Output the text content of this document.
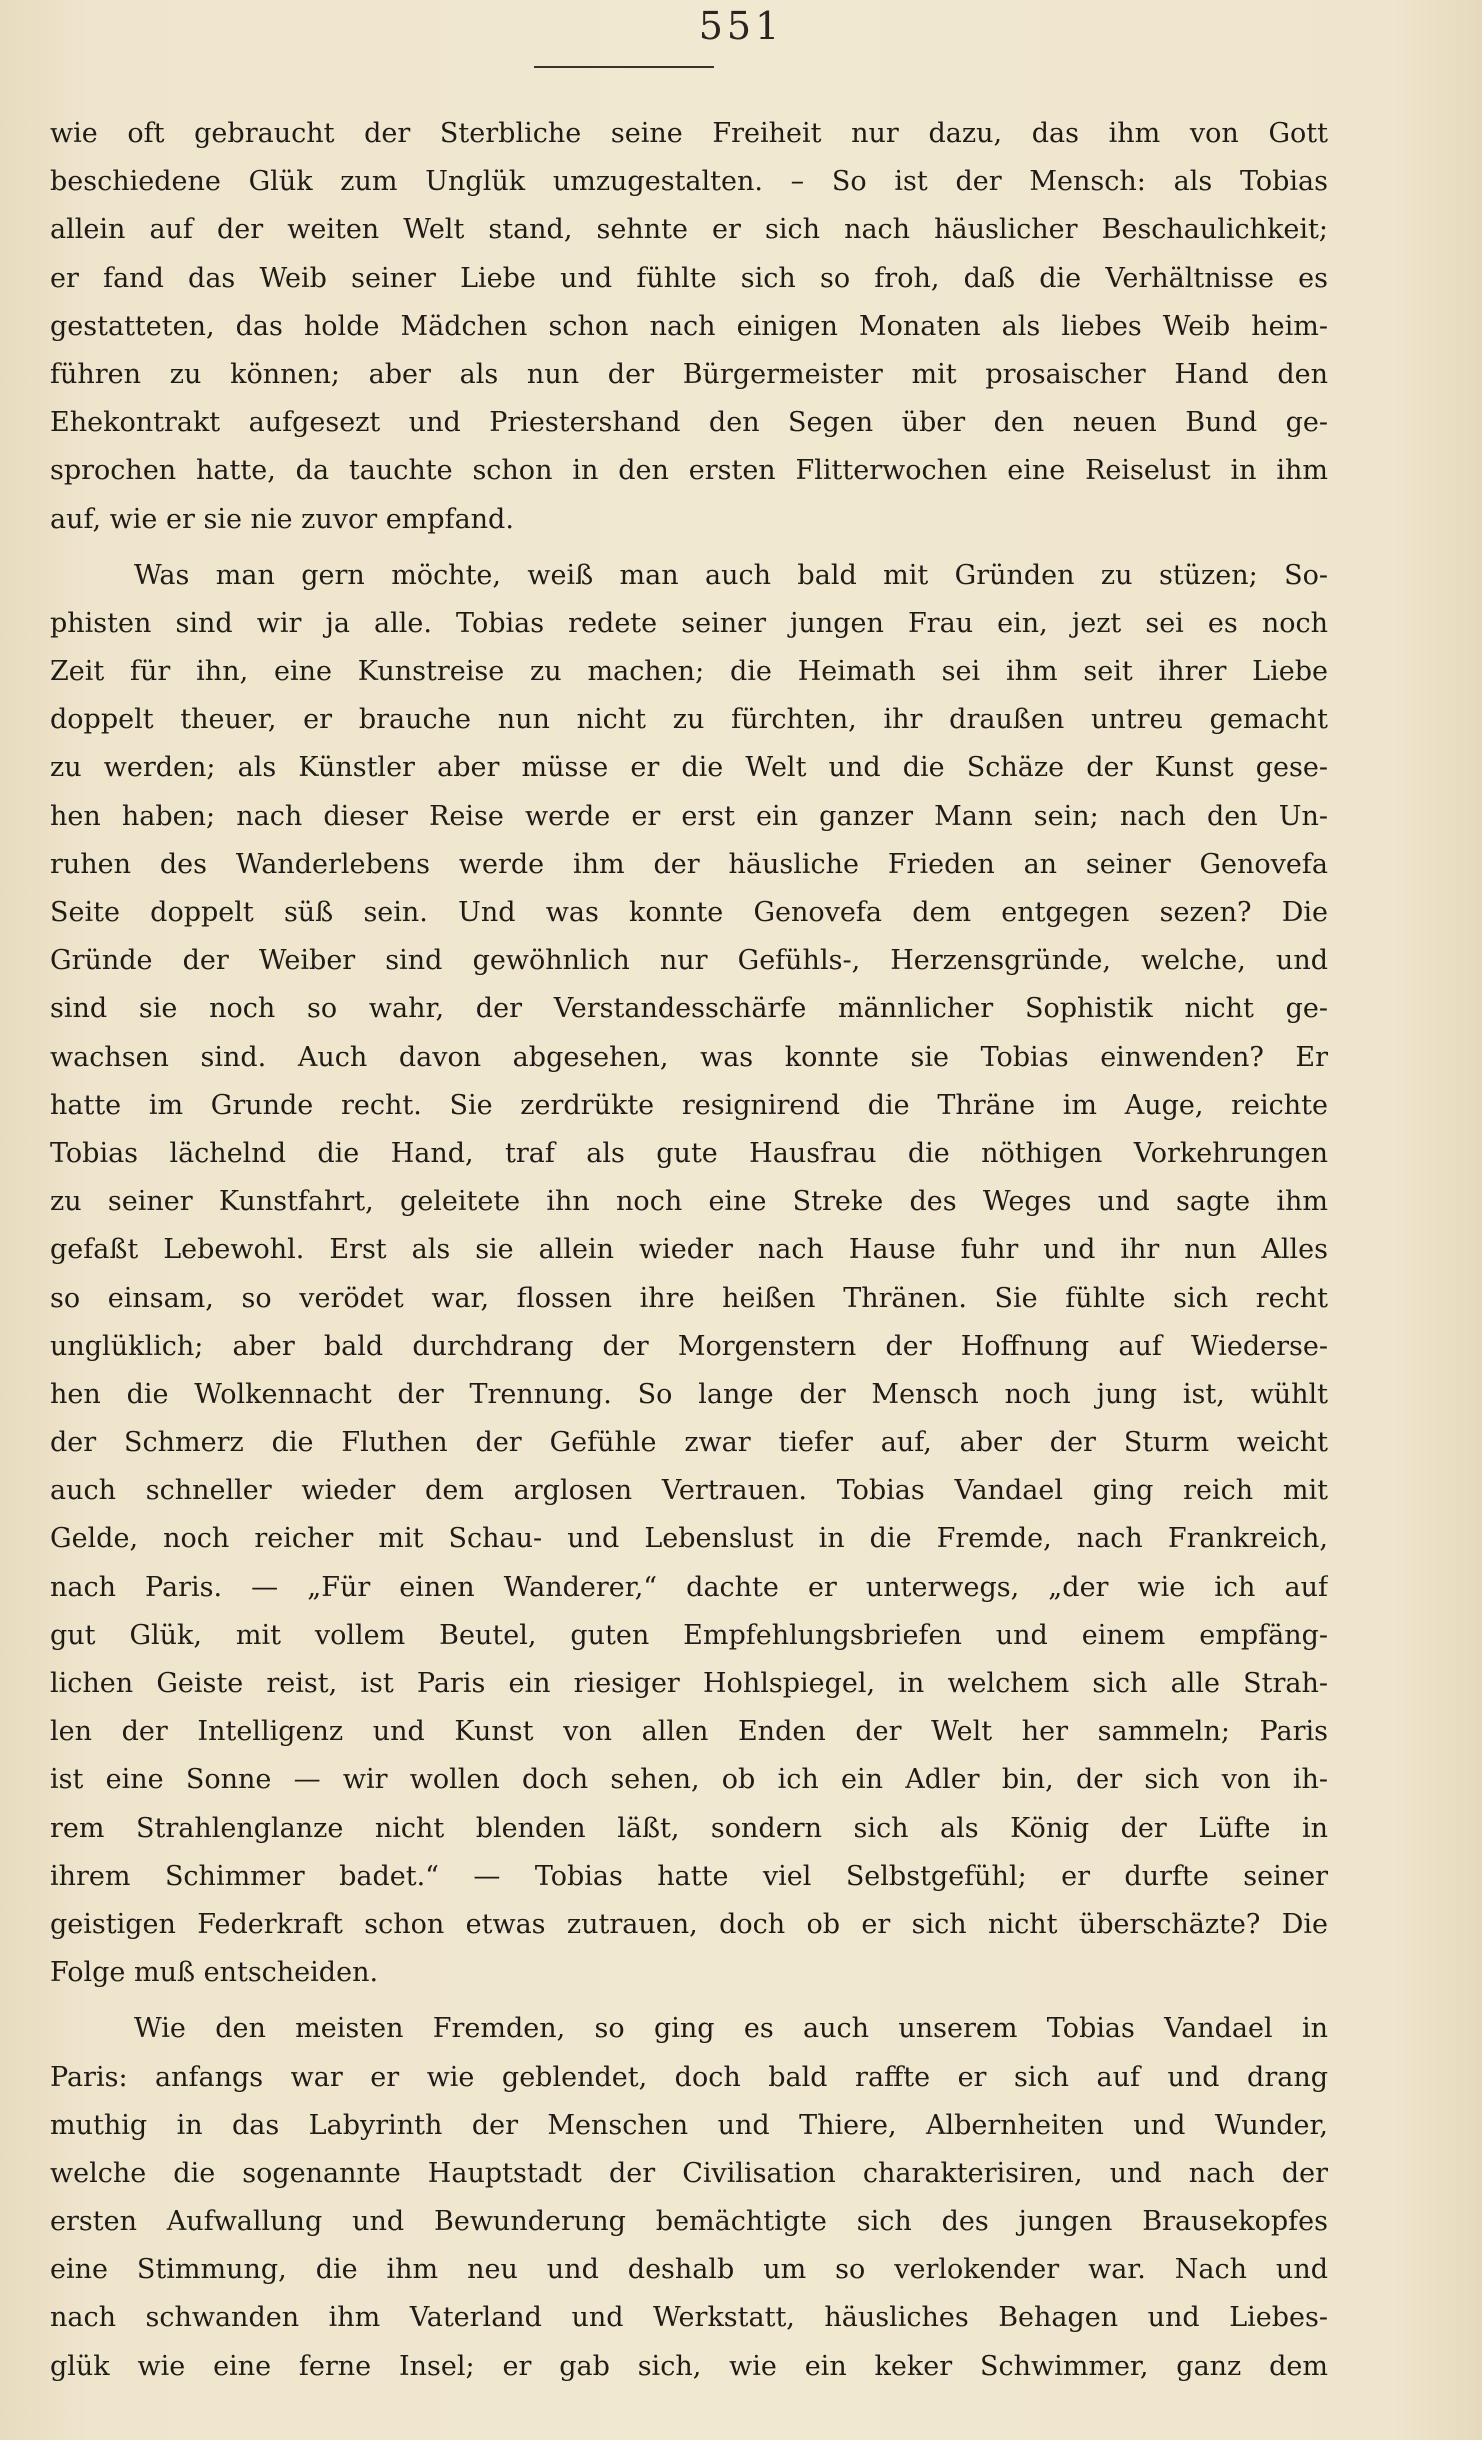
551
wie oft gebraucht der Sterbliche seine Freiheit nur dazu, das ihm von Gott
beschiedene Glük zum Unglük umzugestalten. – So ist der Mensch: als Tobias
allein auf der weiten Welt stand, sehnte er sich nach häuslicher Beschaulichkeit;
er fand das Weib seiner Liebe und fühlte sich so froh, daß die Verhältnisse es
gestatteten, das holde Mädchen schon nach einigen Monaten als liebes Weib heim-
führen zu können; aber als nun der Bürgermeister mit prosaischer Hand den
Ehekontrakt aufgesezt und Priestershand den Segen über den neuen Bund ge-
sprochen hatte, da tauchte schon in den ersten Flitterwochen eine Reiselust in ihm
auf, wie er sie nie zuvor empfand.
Was man gern möchte, weiß man auch bald mit Gründen zu stüzen; So-
phisten sind wir ja alle. Tobias redete seiner jungen Frau ein, jezt sei es noch
Zeit für ihn, eine Kunstreise zu machen; die Heimath sei ihm seit ihrer Liebe
doppelt theuer, er brauche nun nicht zu fürchten, ihr draußen untreu gemacht
zu werden; als Künstler aber müsse er die Welt und die Schäze der Kunst gese-
hen haben; nach dieser Reise werde er erst ein ganzer Mann sein; nach den Un-
ruhen des Wanderlebens werde ihm der häusliche Frieden an seiner Genovefa
Seite doppelt süß sein. Und was konnte Genovefa dem entgegen sezen? Die
Gründe der Weiber sind gewöhnlich nur Gefühls-, Herzensgründe, welche, und
sind sie noch so wahr, der Verstandesschärfe männlicher Sophistik nicht ge-
wachsen sind. Auch davon abgesehen, was konnte sie Tobias einwenden? Er
hatte im Grunde recht. Sie zerdrükte resignirend die Thräne im Auge, reichte
Tobias lächelnd die Hand, traf als gute Hausfrau die nöthigen Vorkehrungen
zu seiner Kunstfahrt, geleitete ihn noch eine Streke des Weges und sagte ihm
gefaßt Lebewohl. Erst als sie allein wieder nach Hause fuhr und ihr nun Alles
so einsam, so verödet war, flossen ihre heißen Thränen. Sie fühlte sich recht
unglüklich; aber bald durchdrang der Morgenstern der Hoffnung auf Wiederse-
hen die Wolkennacht der Trennung. So lange der Mensch noch jung ist, wühlt
der Schmerz die Fluthen der Gefühle zwar tiefer auf, aber der Sturm weicht
auch schneller wieder dem arglosen Vertrauen. Tobias Vandael ging reich mit
Gelde, noch reicher mit Schau- und Lebenslust in die Fremde, nach Frankreich,
nach Paris. — „Für einen Wanderer,“ dachte er unterwegs, „der wie ich auf
gut Glük, mit vollem Beutel, guten Empfehlungsbriefen und einem empfäng-
lichen Geiste reist, ist Paris ein riesiger Hohlspiegel, in welchem sich alle Strah-
len der Intelligenz und Kunst von allen Enden der Welt her sammeln; Paris
ist eine Sonne — wir wollen doch sehen, ob ich ein Adler bin, der sich von ih-
rem Strahlenglanze nicht blenden läßt, sondern sich als König der Lüfte in
ihrem Schimmer badet.“ — Tobias hatte viel Selbstgefühl; er durfte seiner
geistigen Federkraft schon etwas zutrauen, doch ob er sich nicht überschäzte? Die
Folge muß entscheiden.
Wie den meisten Fremden, so ging es auch unserem Tobias Vandael in
Paris: anfangs war er wie geblendet, doch bald raffte er sich auf und drang
muthig in das Labyrinth der Menschen und Thiere, Albernheiten und Wunder,
welche die sogenannte Hauptstadt der Civilisation charakterisiren, und nach der
ersten Aufwallung und Bewunderung bemächtigte sich des jungen Brausekopfes
eine Stimmung, die ihm neu und deshalb um so verlokender war. Nach und
nach schwanden ihm Vaterland und Werkstatt, häusliches Behagen und Liebes-
glük wie eine ferne Insel; er gab sich, wie ein keker Schwimmer, ganz dem
